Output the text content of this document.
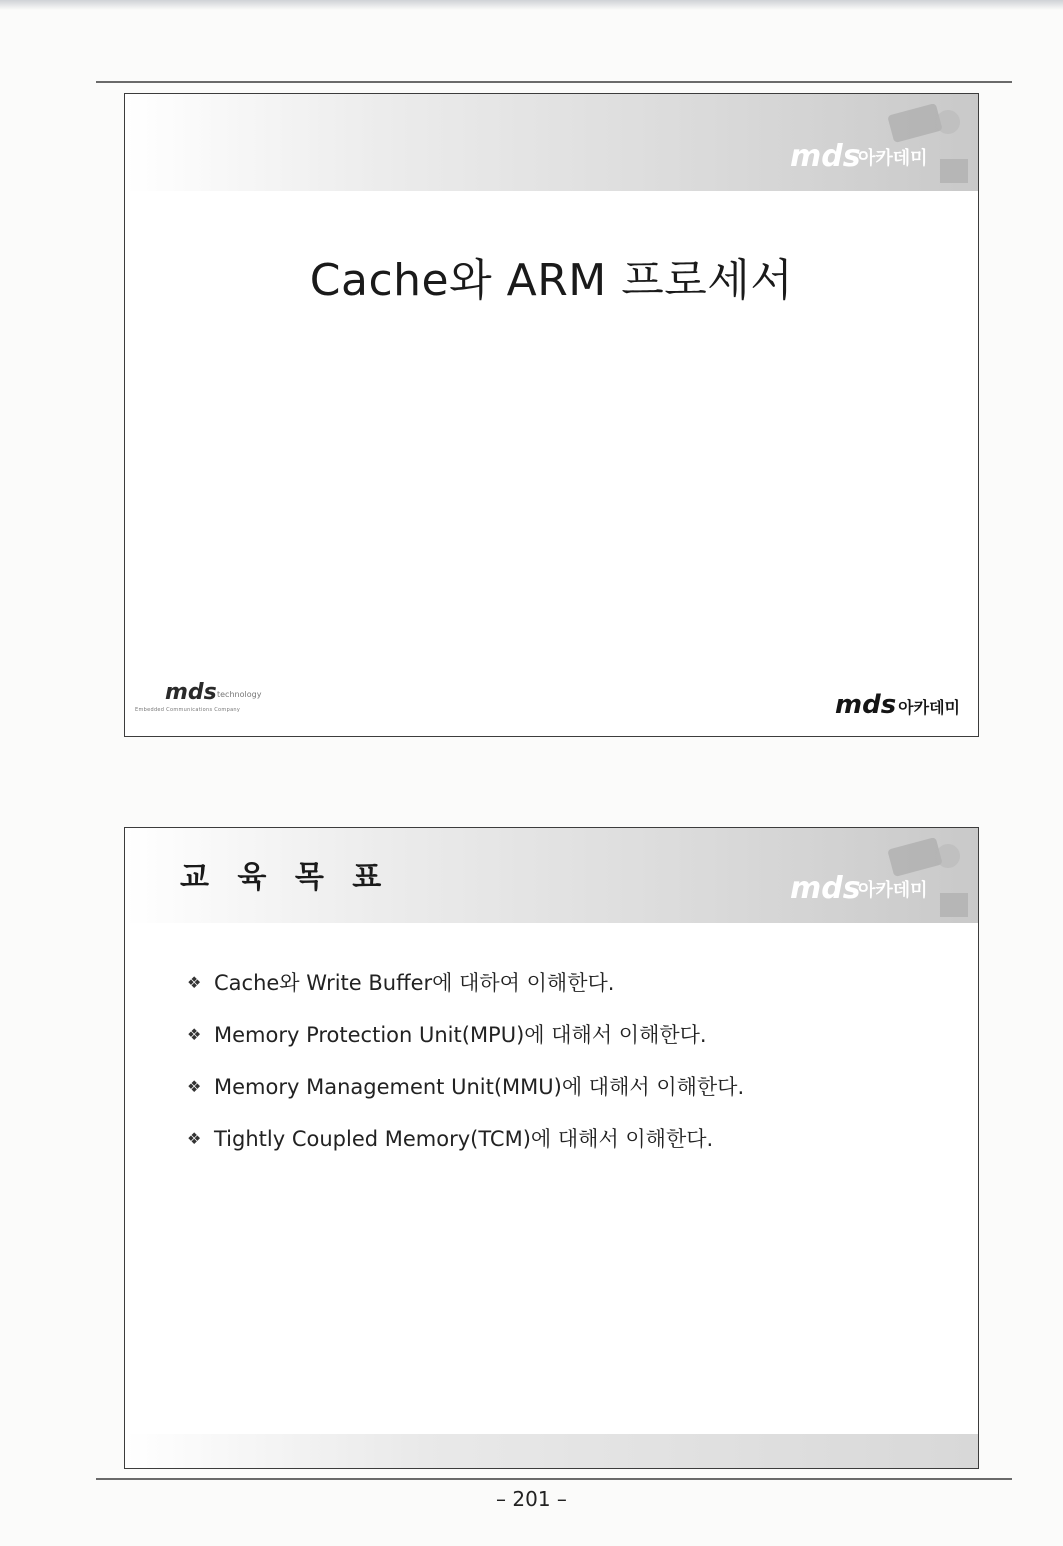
mds
아카데미
Cache와 ARM 프로세서
mds technology
Embedded Communications Company	mds 아카데미
교 육 목 표	mds
아카데미
❖ Cache와 Write Buffer에 대하여 이해한다.
❖ Memory Protection Unit(MPU)에 대해서 이해한다.
❖ Memory Management Unit(MMU)에 대해서 이해한다.
❖ Tightly Coupled Memory(TCM)에 대해서 이해한다.
– 201 –
